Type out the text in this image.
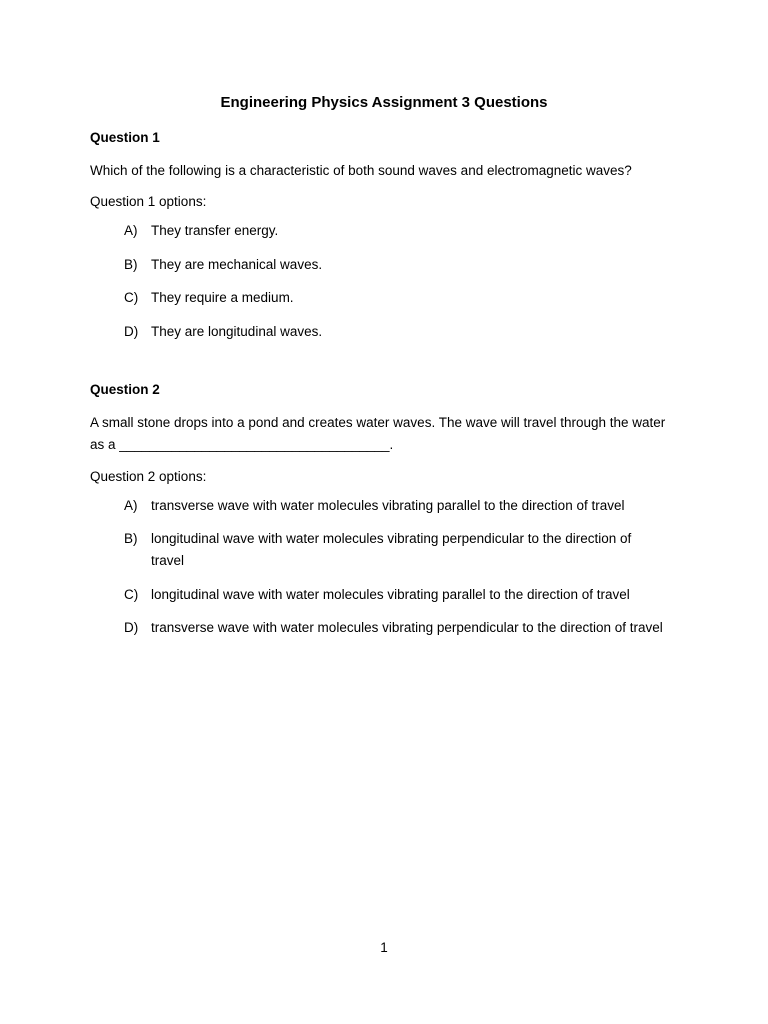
Engineering Physics Assignment 3 Questions
Question 1
Which of the following is a characteristic of both sound waves and electromagnetic waves?
Question 1 options:
A)	They transfer energy.
B)	They are mechanical waves.
C) They require a medium.
D) They are longitudinal waves.
Question 2
A small stone drops into a pond and creates water waves. The wave will travel through the water as a ____________________________________.
Question 2 options:
A)	transverse wave with water molecules vibrating parallel to the direction of travel
B)	longitudinal wave with water molecules vibrating perpendicular to the direction of travel
C) longitudinal wave with water molecules vibrating parallel to the direction of travel
D) transverse wave with water molecules vibrating perpendicular to the direction of travel
1
